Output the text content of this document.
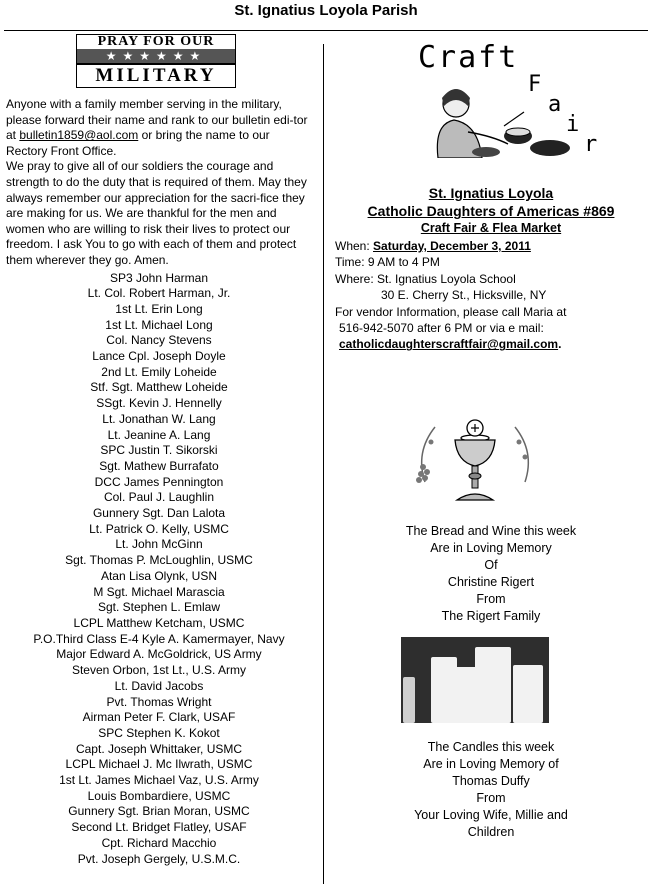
St. Ignatius Loyola Parish
PRAY FOR OUR
★★★★★★
MILITARY

Anyone with a family member serving in the military, please forward their name and rank to our bulletin edi-tor at bulletin1859@aol.com or bring the name to our Rectory Front Office.

We pray to give all of our soldiers the courage and strength to do the duty that is required of them. May they always remember our appreciation for the sacri-fice they are making for us. We are thankful for the men and women who are willing to risk their lives to protect our freedom. I ask You to go with each of them and protect them wherever they go. Amen.

SP3 John Harman
Lt. Col. Robert Harman, Jr.
1st Lt. Erin Long
1st Lt. Michael Long
Col. Nancy Stevens
Lance Cpl. Joseph Doyle
2nd Lt. Emily Loheide
Stf. Sgt. Matthew Loheide
SSgt. Kevin J. Hennelly
Lt. Jonathan W. Lang
Lt. Jeanine A. Lang
SPC Justin T. Sikorski
Sgt. Mathew Burrafato
DCC James Pennington
Col. Paul J. Laughlin
Gunnery Sgt. Dan Lalota
Lt. Patrick O. Kelly, USMC
Lt. John McGinn
Sgt. Thomas P. McLoughlin, USMC
Atan Lisa Olynk, USN
M Sgt. Michael Marascia
Sgt. Stephen L. Emlaw
LCPL Matthew Ketcham, USMC
P.O.Third Class E-4 Kyle A. Kamermayer, Navy
Major Edward A. McGoldrick, US Army
Steven Orbon, 1st Lt., U.S. Army
Lt. David Jacobs
Pvt. Thomas Wright
Airman Peter F. Clark, USAF
SPC Stephen K. Kokot
Capt. Joseph Whittaker, USMC
LCPL Michael J. Mc Ilwrath, USMC
1st Lt. James Michael Vaz, U.S. Army
Louis Bombardiere, USMC
Gunnery Sgt. Brian Moran, USMC
Second Lt. Bridget Flatley, USAF
Cpt. Richard Macchio
Pvt. Joseph Gergely, U.S.M.C.
Craft
F
a
i
r
St. Ignatius Loyola
Catholic Daughters of Americas #869
Craft Fair & Flea Market
When: Saturday, December 3, 2011
Time: 9 AM to 4 PM
Where: St. Ignatius Loyola School
30 E. Cherry St., Hicksville, NY
For vendor Information, please call Maria at
516-942-5070 after 6 PM or via e mail:
catholicdaughterscraftfair@gmail.com.
The Bread and Wine this week
Are in Loving Memory
Of
Christine Rigert
From
The Rigert Family
The Candles this week
Are in Loving Memory of
Thomas Duffy
From
Your Loving Wife, Millie and
Children
